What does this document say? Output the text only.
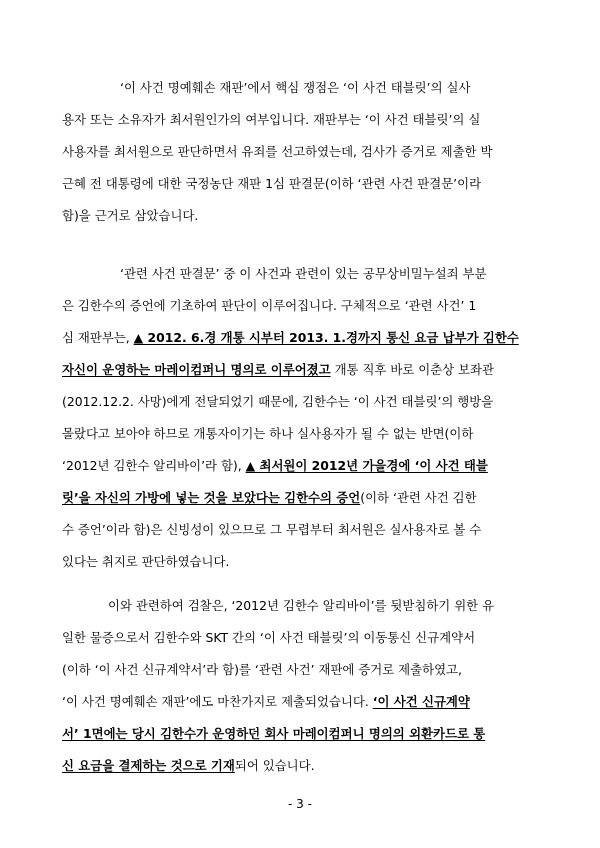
‘이 사건 명예훼손 재판’에서 핵심 쟁점은 ‘이 사건 태블릿’의 실사
용자 또는 소유자가 최서원인가의 여부입니다. 재판부는 ‘이 사건 태블릿’의 실
사용자를 최서원으로 판단하면서 유죄를 선고하였는데, 검사가 증거로 제출한 박
근혜 전 대통령에 대한 국정농단 재판 1심 판결문(이하 ‘관련 사건 판결문’이라
함)을 근거로 삼았습니다.
‘관련 사건 판결문’ 중 이 사건과 관련이 있는 공무상비밀누설죄 부분
은 김한수의 증언에 기초하여 판단이 이루어집니다. 구체적으로 ‘관련 사건’ 1
심 재판부는, ▲ 2012. 6.경 개통 시부터 2013. 1.경까지 통신 요금 납부가 김한수
자신이 운영하는 마레이컴퍼니 명의로 이루어졌고 개통 직후 바로 이춘상 보좌관
(2012.12.2. 사망)에게 전달되었기 때문에, 김한수는 ‘이 사건 태블릿’의 행방을
몰랐다고 보아야 하므로 개통자이기는 하나 실사용자가 될 수 없는 반면(이하
‘2012년 김한수 알리바이’라 함), ▲ 최서원이 2012년 가을경에 ‘이 사건 태블
릿’을 자신의 가방에 넣는 것을 보았다는 김한수의 증언(이하 ‘관련 사건 김한
수 증언’이라 함)은 신빙성이 있으므로 그 무렵부터 최서원은 실사용자로 볼 수
있다는 취지로 판단하였습니다.
이와 관련하여 검찰은, ‘2012년 김한수 알리바이’를 뒷받침하기 위한 유
일한 물증으로서 김한수와 SKT 간의 ‘이 사건 태블릿’의 이동통신 신규계약서
(이하 ‘이 사건 신규계약서’라 함)를 ‘관련 사건’ 재판에 증거로 제출하였고,
‘이 사건 명예훼손 재판’에도 마찬가지로 제출되었습니다. ‘이 사건 신규계약
서’ 1면에는 당시 김한수가 운영하던 회사 마레이컴퍼니 명의의 외환카드로 통
신 요금을 결제하는 것으로 기재되어 있습니다.
- 3 -
